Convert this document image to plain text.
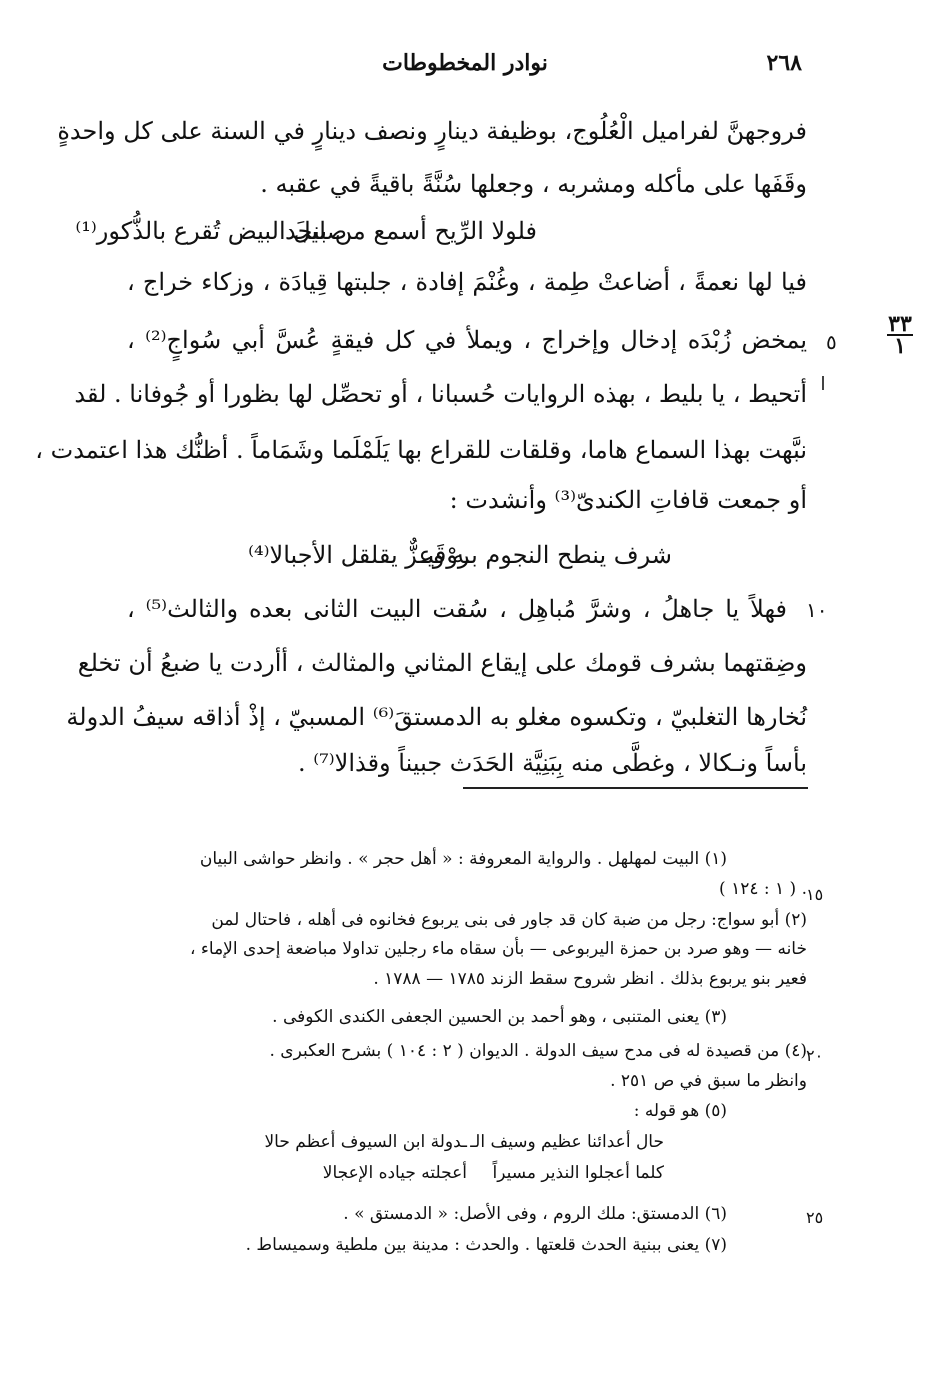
نوادر المخطوطات	٢٦٨
فروجهنَّ لفراميل الْعُلُوج، بوظيفة دينارٍ ونصف دينارٍ في السنة على كل واحدةٍ
وقَفَها على مأكله ومشربه ، وجعلها سُنَّةً باقيةً في عقبه .
فلولا الرِّيح أسمع من بنجد
صليلَ البيض تُقرع بالذُّكور⁽¹⁾
فيا لها نعمةً ، أضاعتْ طِمة ، وغُنْمَ إفادة ، جلبتها قِيادَة ، وزكاء خراج ،
يمخض زُبْدَه إدخال وإخراج ، ويملأ في كل فيقةٍ عُسَّ أبي سُواجٍ⁽²⁾ ،
أتحيط ، يا بليط ، بهذه الروايات حُسبانا ، أو تحصِّل لها بظورا أو جُوفانا . لقد
نبَّهت بهذا السماع هاما، وقلقات للقراع بها يَلَمْلَما وشَمَاماً . أظنُّك هذا اعتمدت ،
أو جمعت قافاتِ الكندىّ⁽³⁾ وأنشدت :
شرف ينطح النجوم بروْقَيـ
ـه وعزٌّ يقلقل الأجبالا⁽⁴⁾
فهلاً يا جاهلُ ، وشرَّ مُباهِل ، سُقت البيت الثانى بعده والثالث⁽⁵⁾ ،
وضِقتهما بشرف قومك على إيقاع المثاني والمثالث ، أأردت يا ضبعُ أن تخلع
نُخارها التغلبيّ ، وتكسوه مغلو به الدمستقَ⁽⁶⁾ المسبيّ ، إذْ أذاقه سيفُ الدولة
بأساً ونـكالا ، وغطَّى منه بِبَنِيَّة الحَدَث جبيناً وقذالا⁽⁷⁾ .
٥
١٠
٣٣
١
(١) البيت لمهلهل . والرواية المعروفة : « أهل حجر » . وانظر حواشى البيان
. ( ١ : ١٢٤ )
(٢) أبو سواج: رجل من ضبة كان قد جاور فى بنى يربوع فخانوه فى أهله ، فاحتال لمن
خانه — وهو صرد بن حمزة اليربوعى — بأن سقاه ماء رجلين تداولا مباضعة إحدى الإماء ،
فعير بنو يربوع بذلك . انظر شروح سقط الزند ١٧٨٥ — ١٧٨٨ .
(٣) يعنى المتنبى ، وهو أحمد بن الحسين الجعفى الكندى الكوفى .
(٤) من قصيدة له فى مدح سيف الدولة . الديوان ( ٢ : ١٠٤ ) بشرح العكبرى .
وانظر ما سبق في ص ٢٥١ .
(٥) هو قوله :
حال أعدائنا عظيم وسيف الـ
ـدولة ابن السيوف أعظم حالا
كلما أعجلوا النذير مسيراً
أعجلته جياده الإعجالا
(٦) الدمستق: ملك الروم ، وفى الأصل: « الدمستق » .
(٧) يعنى ببنية الحدث قلعتها . والحدث : مدينة بين ملطية وسميساط .
١٥
٢٠
٢٥
